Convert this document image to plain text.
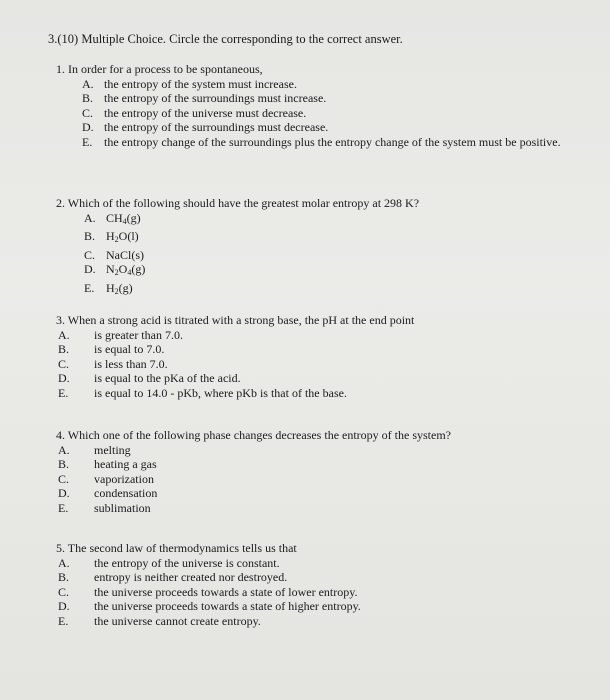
3.(10) Multiple Choice. Circle the corresponding to the correct answer.
1. In order for a process to be spontaneous,
A. the entropy of the system must increase.
B. the entropy of the surroundings must increase.
C. the entropy of the universe must decrease.
D. the entropy of the surroundings must decrease.
E. the entropy change of the surroundings plus the entropy change of the system must be positive.
2. Which of the following should have the greatest molar entropy at 298 K?
A. $CH_4(g)$
B. $H_2O(l)$
C. NaCl(s)
D. $N_2O_4(g)$
E. $H_2(g)$
3. When a strong acid is titrated with a strong base, the pH at the end point
A.	is greater than 7.0.
B.	is equal to 7.0.
C.	is less than 7.0.
D.	is equal to the pKa of the acid.
E.	is equal to 14.0 - pKb, where pKb is that of the base.
4. Which one of the following phase changes decreases the entropy of the system?
A.	melting
B.	heating a gas
C.	vaporization
D.	condensation
E.	sublimation
5. The second law of thermodynamics tells us that
A.	the entropy of the universe is constant.
B.	entropy is neither created nor destroyed.
C.	the universe proceeds towards a state of lower entropy.
D.	the universe proceeds towards a state of higher entropy.
E.	the universe cannot create entropy.
